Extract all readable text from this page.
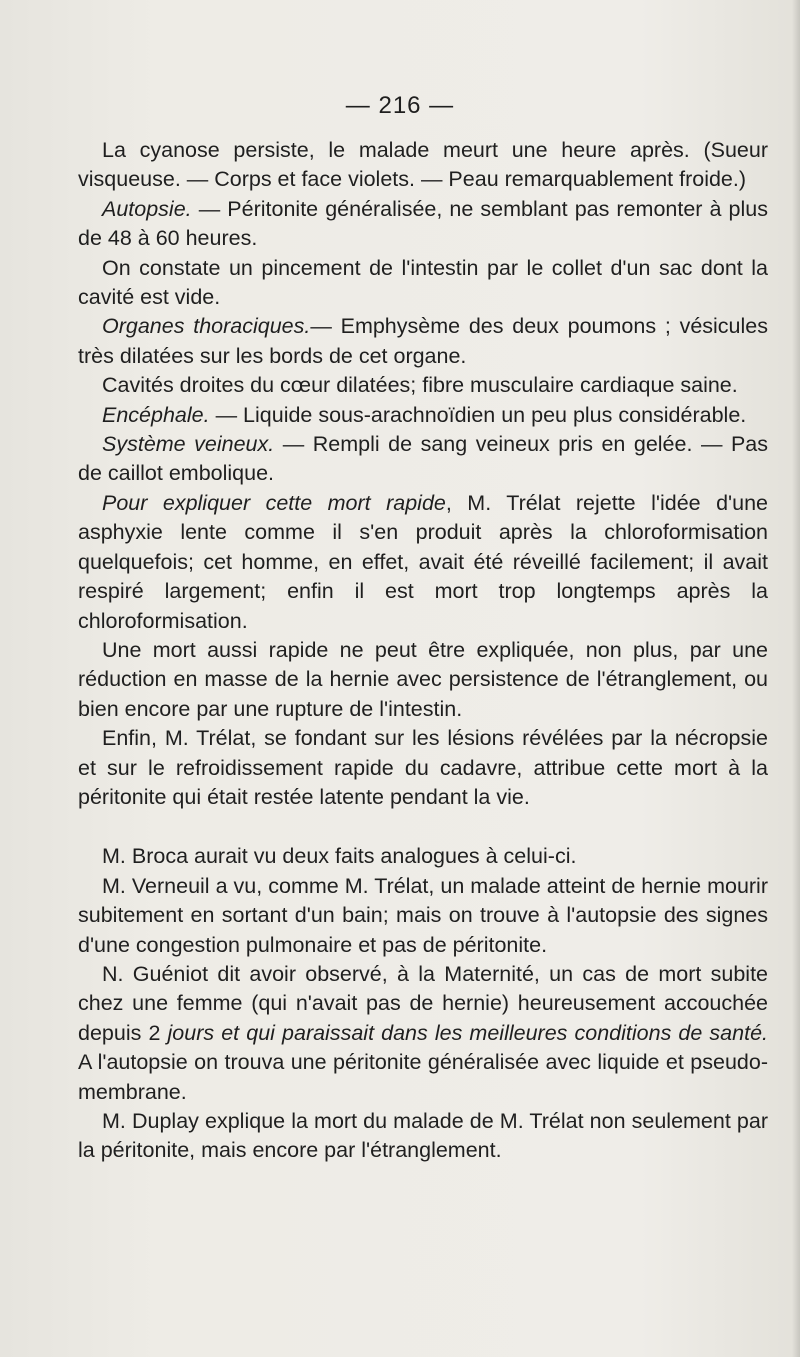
— 216 —

La cyanose persiste, le malade meurt une heure après. (Sueur visqueuse. — Corps et face violets. — Peau remarquablement froide.)

Autopsie. — Péritonite généralisée, ne semblant pas remonter à plus de 48 à 60 heures.

On constate un pincement de l'intestin par le collet d'un sac dont la cavité est vide.

Organes thoraciques.— Emphysème des deux poumons ; vésicules très dilatées sur les bords de cet organe.

Cavités droites du cœur dilatées; fibre musculaire cardiaque saine.

Encéphale. — Liquide sous-arachnoïdien un peu plus considérable.

Système veineux. — Rempli de sang veineux pris en gelée. — Pas de caillot embolique.

Pour expliquer cette mort rapide, M. Trélat rejette l'idée d'une asphyxie lente comme il s'en produit après la chloroformisation quelquefois; cet homme, en effet, avait été réveillé facilement; il avait respiré largement; enfin il est mort trop longtemps après la chloroformisation.

Une mort aussi rapide ne peut être expliquée, non plus, par une réduction en masse de la hernie avec persistence de l'étranglement, ou bien encore par une rupture de l'intestin.

Enfin, M. Trélat, se fondant sur les lésions révélées par la nécropsie et sur le refroidissement rapide du cadavre, attribue cette mort à la péritonite qui était restée latente pendant la vie.

M. Broca aurait vu deux faits analogues à celui-ci.

M. Verneuil a vu, comme M. Trélat, un malade atteint de hernie mourir subitement en sortant d'un bain; mais on trouve à l'autopsie des signes d'une congestion pulmonaire et pas de péritonite.

N. Guéniot dit avoir observé, à la Maternité, un cas de mort subite chez une femme (qui n'avait pas de hernie) heureusement accouchée depuis 2 jours et qui paraissait dans les meilleures conditions de santé. A l'autopsie on trouva une péritonite généralisée avec liquide et pseudo-membrane.

M. Duplay explique la mort du malade de M. Trélat non seulement par la péritonite, mais encore par l'étranglement.
